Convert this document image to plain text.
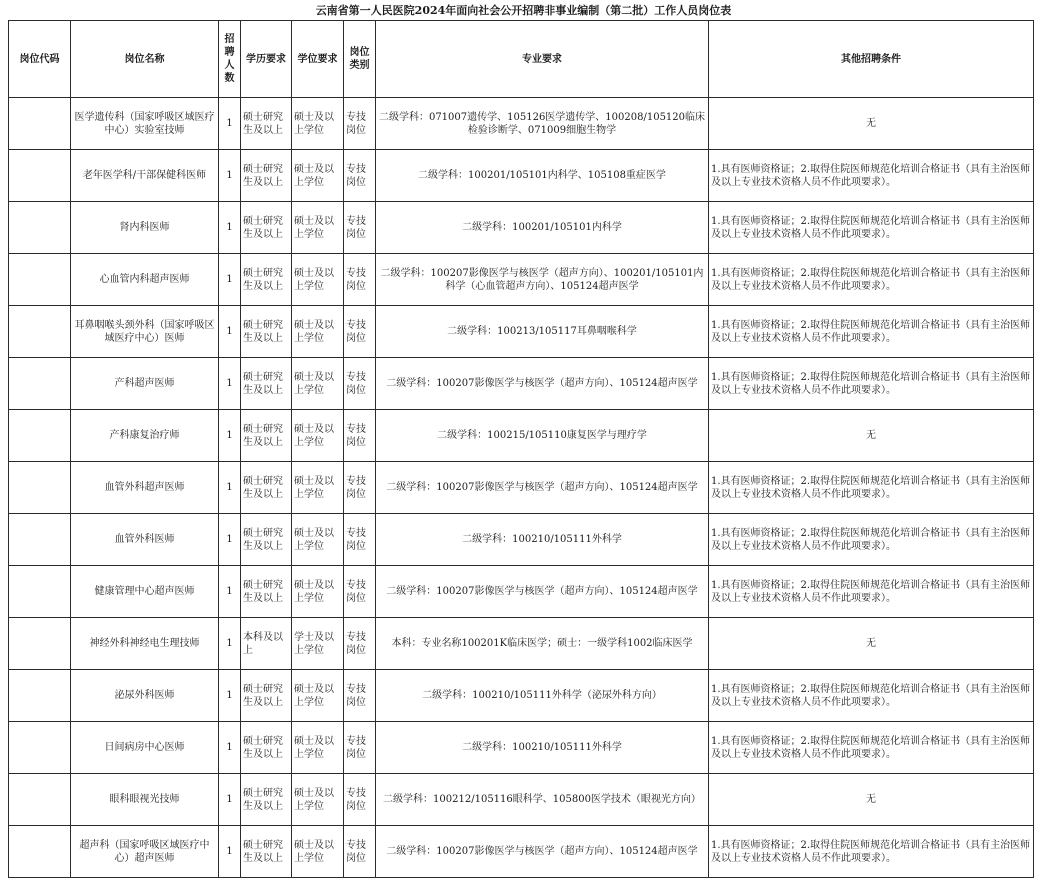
云南省第一人民医院2024年面向社会公开招聘非事业编制（第二批）工作人员岗位表
岗位代码	岗位名称	招聘人数	学历要求	学位要求	岗位类别	专业要求	其他招聘条件
	医学遗传科（国家呼吸区域医疗中心）实验室技师	1	硕士研究生及以上	硕士及以上学位	专技岗位	二级学科：071007遗传学、105126医学遗传学、100208/105120临床检验诊断学、071009细胞生物学	无
	老年医学科/干部保健科医师	1	硕士研究生及以上	硕士及以上学位	专技岗位	二级学科：100201/105101内科学、105108重症医学	1.具有医师资格证；2.取得住院医师规范化培训合格证书（具有主治医师及以上专业技术资格人员不作此项要求）。
	肾内科医师	1	硕士研究生及以上	硕士及以上学位	专技岗位	二级学科：100201/105101内科学	1.具有医师资格证；2.取得住院医师规范化培训合格证书（具有主治医师及以上专业技术资格人员不作此项要求）。
	心血管内科超声医师	1	硕士研究生及以上	硕士及以上学位	专技岗位	二级学科：100207影像医学与核医学（超声方向）、100201/105101内科学（心血管超声方向）、105124超声医学	1.具有医师资格证；2.取得住院医师规范化培训合格证书（具有主治医师及以上专业技术资格人员不作此项要求）。
	耳鼻咽喉头颈外科（国家呼吸区域医疗中心）医师	1	硕士研究生及以上	硕士及以上学位	专技岗位	二级学科：100213/105117耳鼻咽喉科学	1.具有医师资格证；2.取得住院医师规范化培训合格证书（具有主治医师及以上专业技术资格人员不作此项要求）。
	产科超声医师	1	硕士研究生及以上	硕士及以上学位	专技岗位	二级学科：100207影像医学与核医学（超声方向）、105124超声医学	1.具有医师资格证；2.取得住院医师规范化培训合格证书（具有主治医师及以上专业技术资格人员不作此项要求）。
	产科康复治疗师	1	硕士研究生及以上	硕士及以上学位	专技岗位	二级学科：100215/105110康复医学与理疗学	无
	血管外科超声医师	1	硕士研究生及以上	硕士及以上学位	专技岗位	二级学科：100207影像医学与核医学（超声方向）、105124超声医学	1.具有医师资格证；2.取得住院医师规范化培训合格证书（具有主治医师及以上专业技术资格人员不作此项要求）。
	血管外科医师	1	硕士研究生及以上	硕士及以上学位	专技岗位	二级学科：100210/105111外科学	1.具有医师资格证；2.取得住院医师规范化培训合格证书（具有主治医师及以上专业技术资格人员不作此项要求）。
	健康管理中心超声医师	1	硕士研究生及以上	硕士及以上学位	专技岗位	二级学科：100207影像医学与核医学（超声方向）、105124超声医学	1.具有医师资格证；2.取得住院医师规范化培训合格证书（具有主治医师及以上专业技术资格人员不作此项要求）。
	神经外科神经电生理技师	1	本科及以上	学士及以上学位	专技岗位	本科：专业名称100201K临床医学；硕士：一级学科1002临床医学	无
	泌尿外科医师	1	硕士研究生及以上	硕士及以上学位	专技岗位	二级学科：100210/105111外科学（泌尿外科方向）	1.具有医师资格证；2.取得住院医师规范化培训合格证书（具有主治医师及以上专业技术资格人员不作此项要求）。
	日间病房中心医师	1	硕士研究生及以上	硕士及以上学位	专技岗位	二级学科：100210/105111外科学	1.具有医师资格证；2.取得住院医师规范化培训合格证书（具有主治医师及以上专业技术资格人员不作此项要求）。
	眼科眼视光技师	1	硕士研究生及以上	硕士及以上学位	专技岗位	二级学科：100212/105116眼科学、105800医学技术（眼视光方向）	无
	超声科（国家呼吸区域医疗中心）超声医师	1	硕士研究生及以上	硕士及以上学位	专技岗位	二级学科：100207影像医学与核医学（超声方向）、105124超声医学	1.具有医师资格证；2.取得住院医师规范化培训合格证书（具有主治医师及以上专业技术资格人员不作此项要求）。
